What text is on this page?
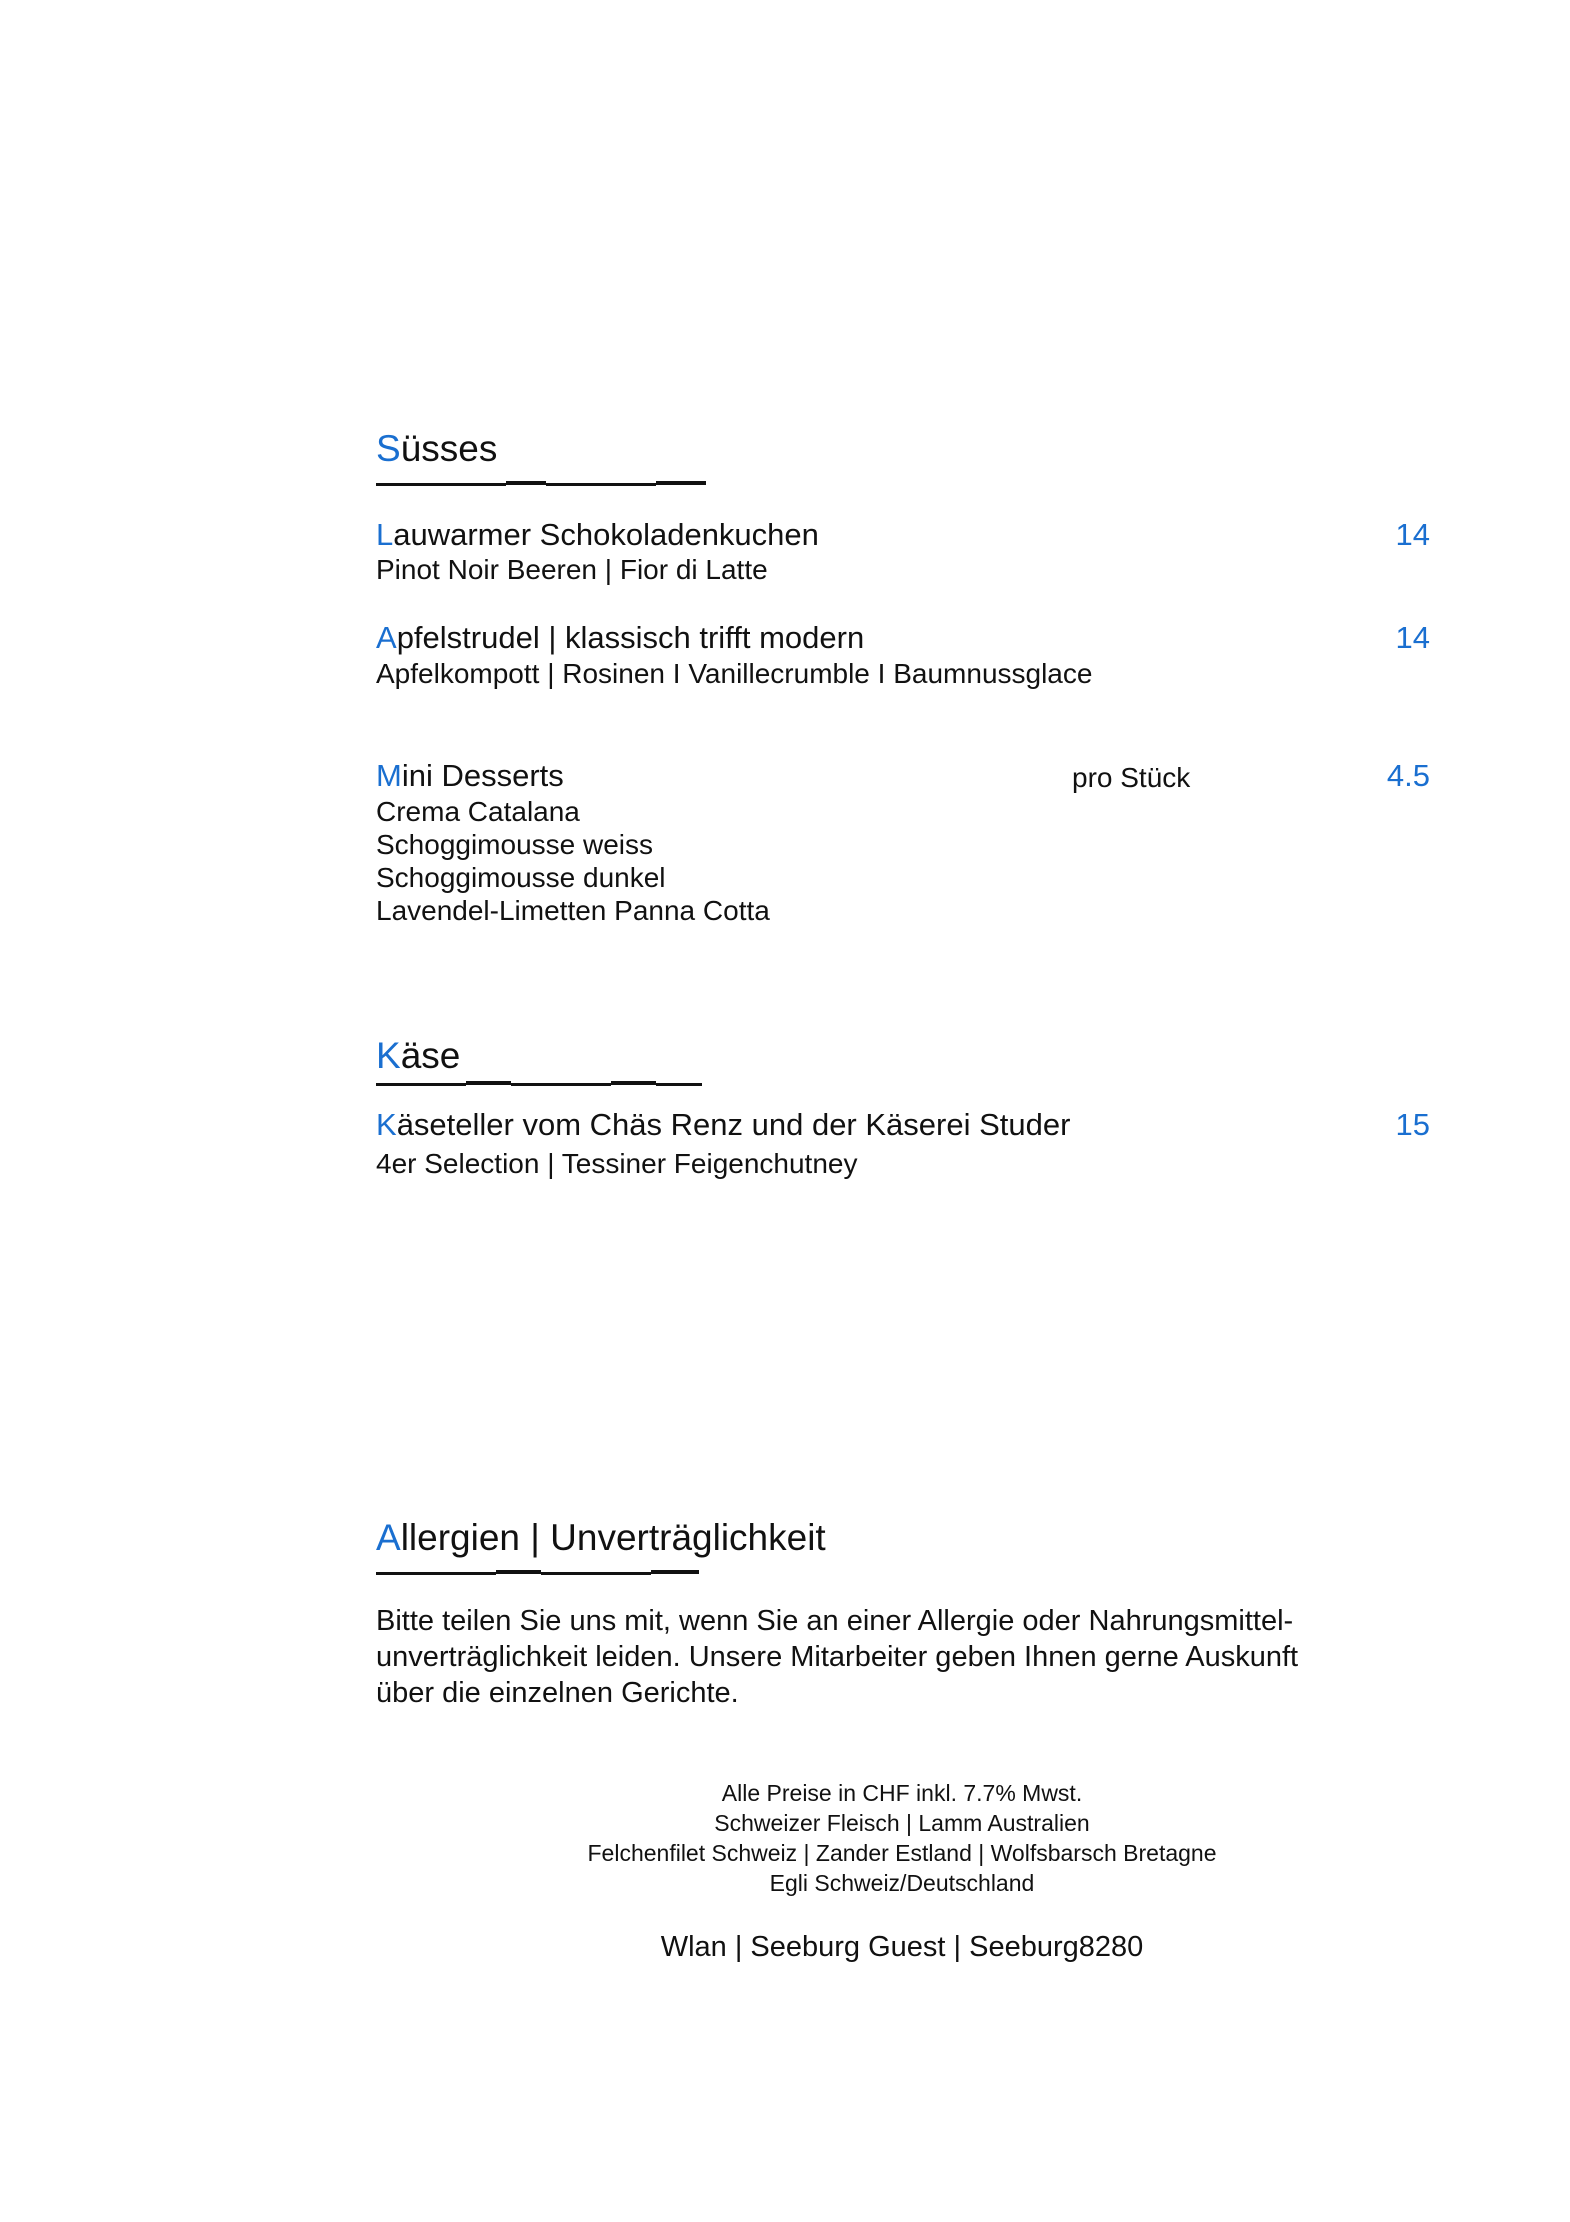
Süsses
Lauwarmer Schokoladenkuchen	14
Pinot Noir Beeren | Fior di Latte
Apfelstrudel | klassisch trifft modern	14
Apfelkompott | Rosinen I Vanillecrumble I Baumnussglace
Mini Desserts	pro Stück	4.5
Crema Catalana
Schoggimousse weiss
Schoggimousse dunkel
Lavendel-Limetten Panna Cotta
Käse
Käseteller vom Chäs Renz und der Käserei Studer	15
4er Selection | Tessiner Feigenchutney
Allergien | Unverträglichkeit
Bitte teilen Sie uns mit, wenn Sie an einer Allergie oder Nahrungsmittel-
unverträglichkeit leiden. Unsere Mitarbeiter geben Ihnen gerne Auskunft
über die einzelnen Gerichte.
Alle Preise in CHF inkl. 7.7% Mwst.
Schweizer Fleisch | Lamm Australien
Felchenfilet Schweiz | Zander Estland | Wolfsbarsch Bretagne
Egli Schweiz/Deutschland
Wlan | Seeburg Guest | Seeburg8280
